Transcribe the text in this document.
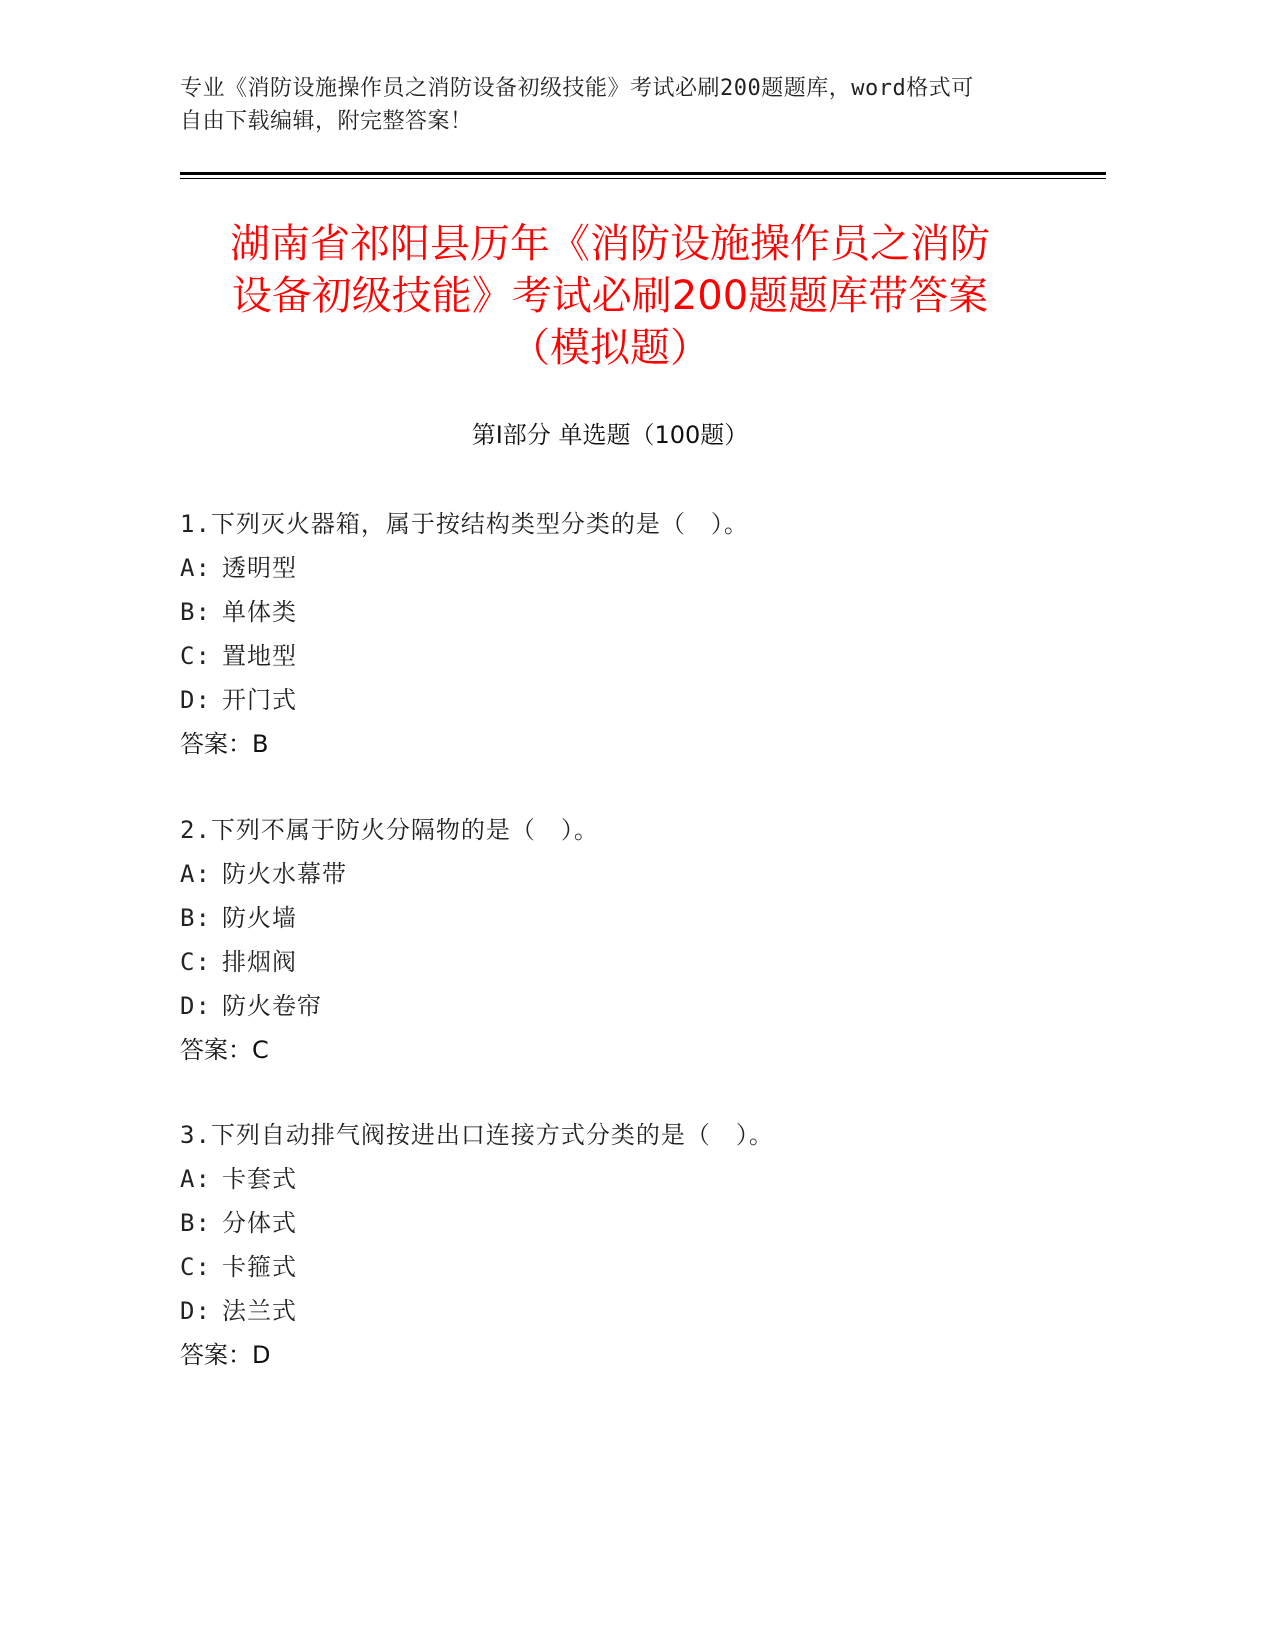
专业《消防设施操作员之消防设备初级技能》考试必刷200题题库，word格式可
自由下载编辑，附完整答案！
湖南省祁阳县历年《消防设施操作员之消防
设备初级技能》考试必刷200题题库带答案
（模拟题）
第Ⅰ部分 单选题（100题）
1.下列灭火器箱，属于按结构类型分类的是（　）。
A: 透明型
B: 单体类
C: 置地型
D: 开门式
答案：B
2.下列不属于防火分隔物的是（　）。
A: 防火水幕带
B: 防火墙
C: 排烟阀
D: 防火卷帘
答案：C
3.下列自动排气阀按进出口连接方式分类的是（　）。
A: 卡套式
B: 分体式
C: 卡箍式
D: 法兰式
答案：D
